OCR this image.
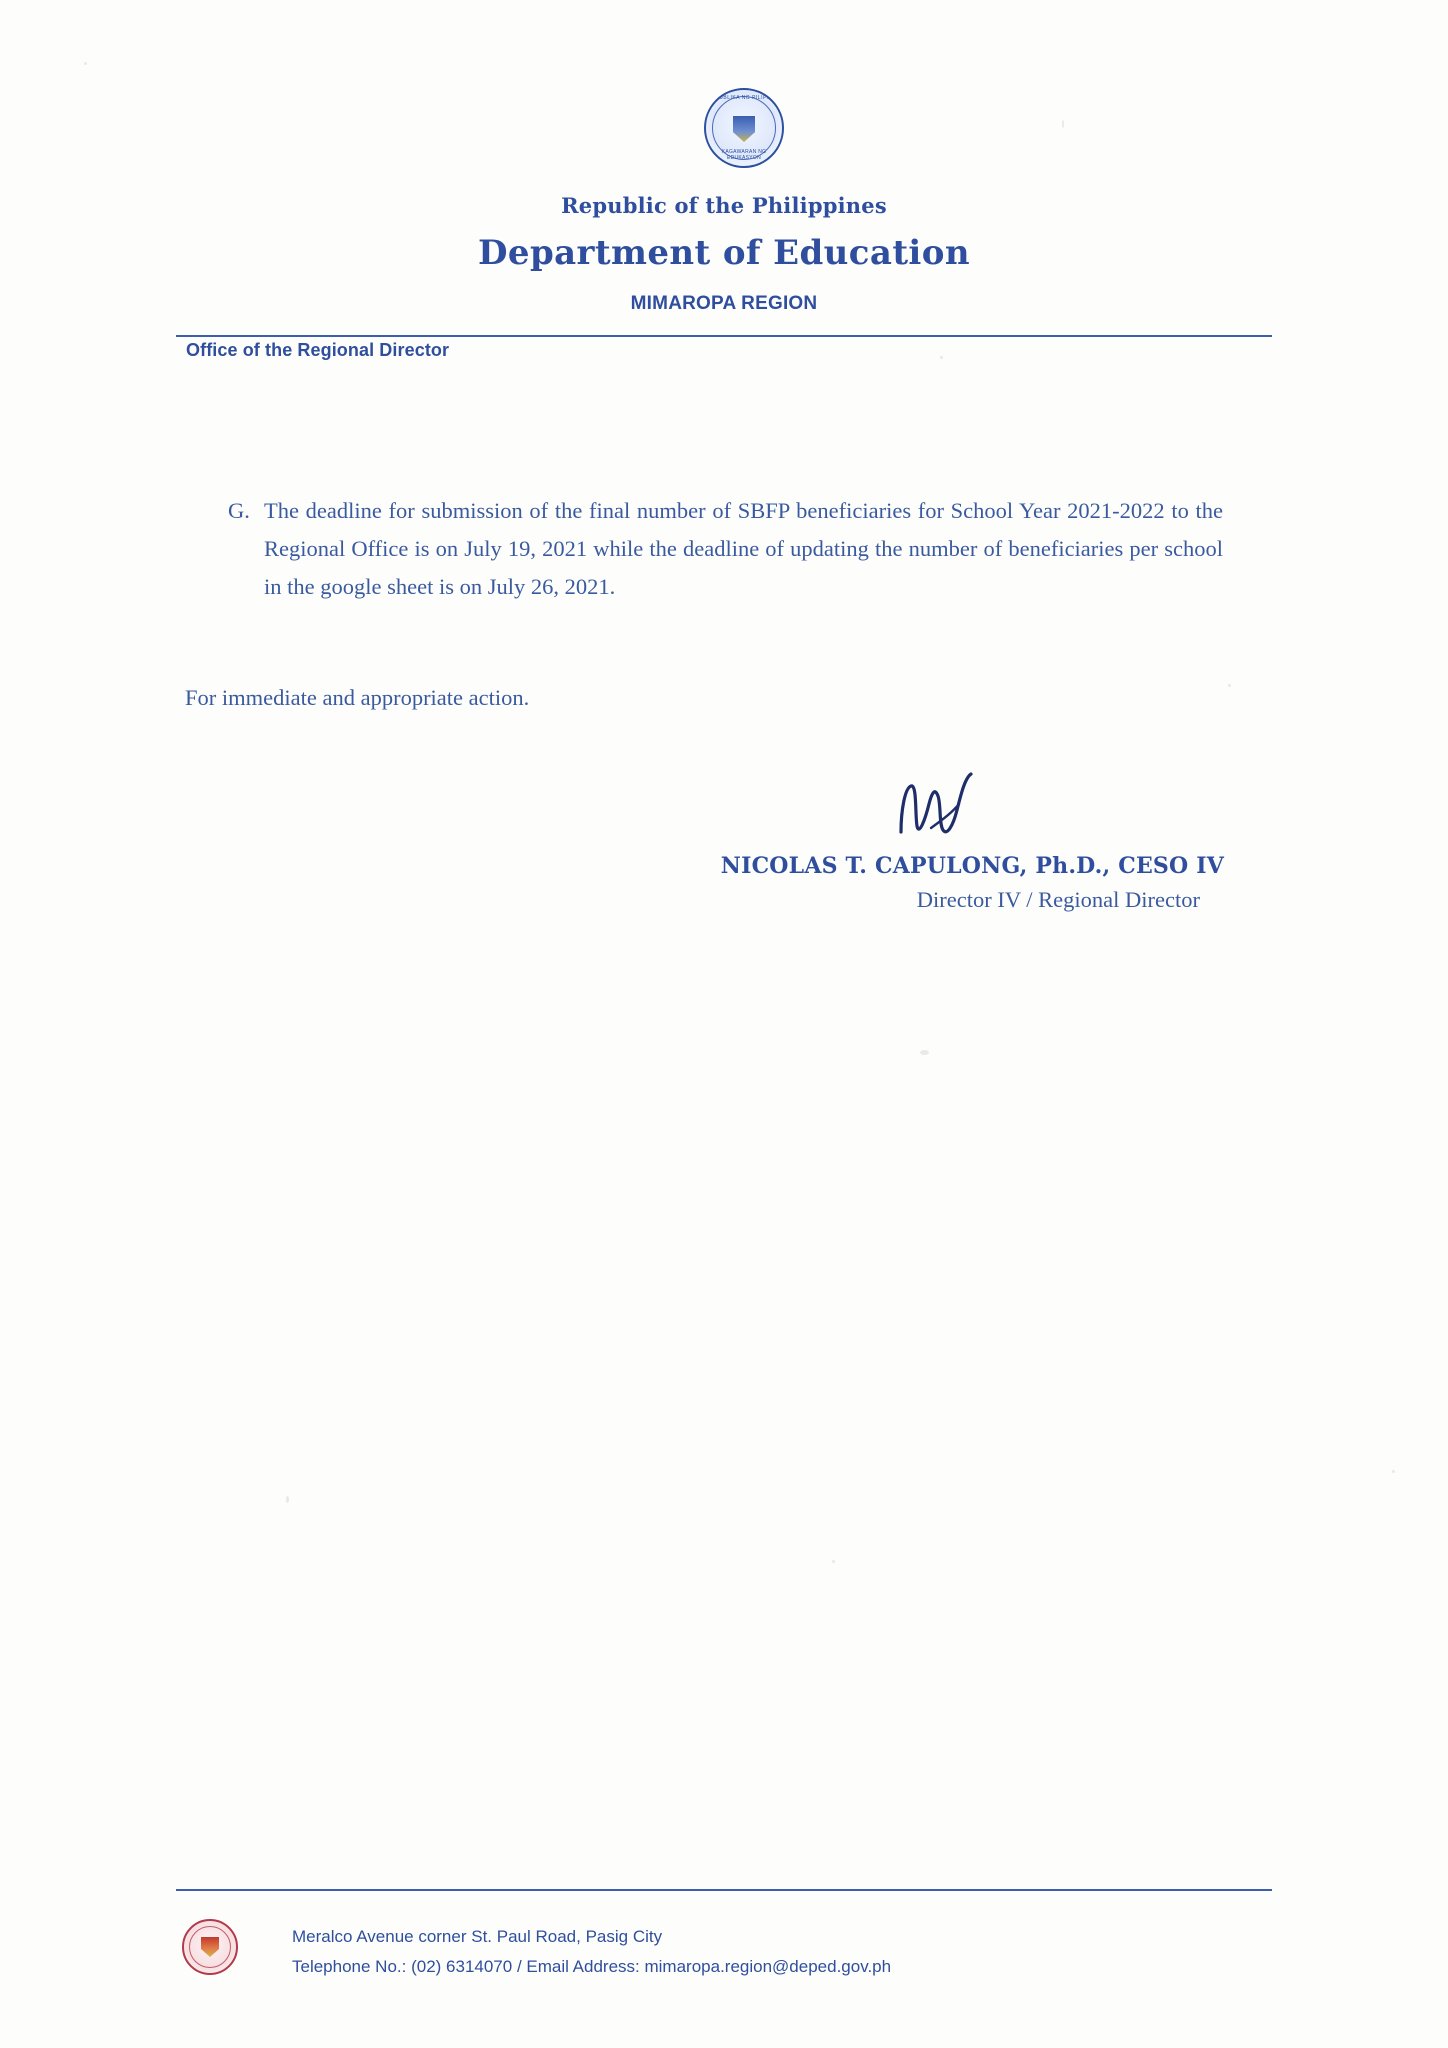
REPUBLIKA NG PILIPINAS
KAGAWARAN NG EDUKASYON
Republic of the Philippines
Department of Education
MIMAROPA REGION
Office of the Regional Director
G. The deadline for submission of the final number of SBFP beneficiaries for School Year 2021-2022 to the Regional Office is on July 19, 2021 while the deadline of updating the number of beneficiaries per school in the google sheet is on July 26, 2021.
For immediate and appropriate action.
NICOLAS T. CAPULONG, Ph.D., CESO IV
Director IV / Regional Director
Meralco Avenue corner St. Paul Road, Pasig City
Telephone No.: (02) 6314070 / Email Address: mimaropa.region@deped.gov.ph
